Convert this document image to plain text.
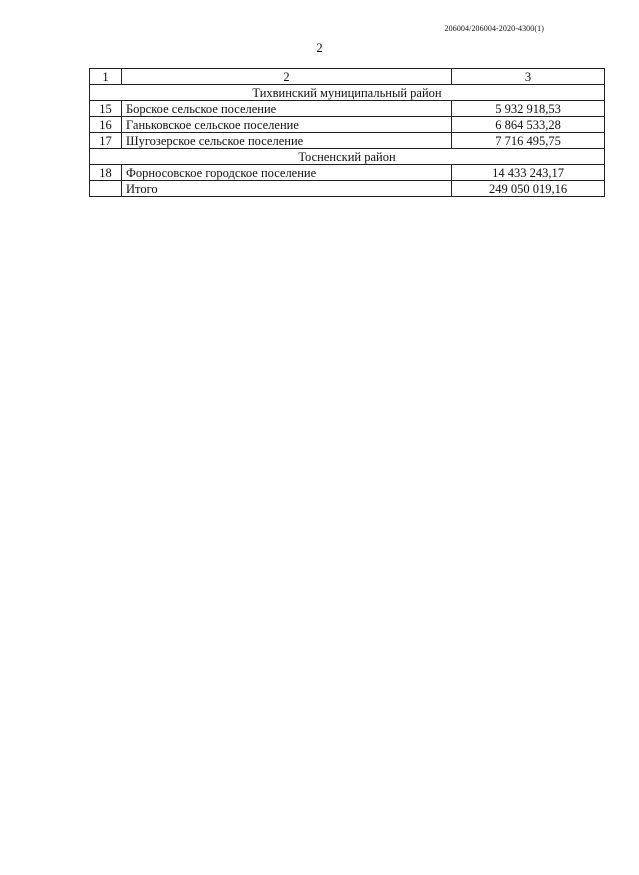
206004/206004-2020-4300(1)
2
1	2	3
Тихвинский муниципальный район		
15	Борское сельское поселение	5 932 918,53
16	Ганьковское сельское поселение	6 864 533,28
17	Шугозерское сельское поселение	7 716 495,75
Тосненский район		
18	Форносовское городское поселение	14 433 243,17
	Итого	249 050 019,16
